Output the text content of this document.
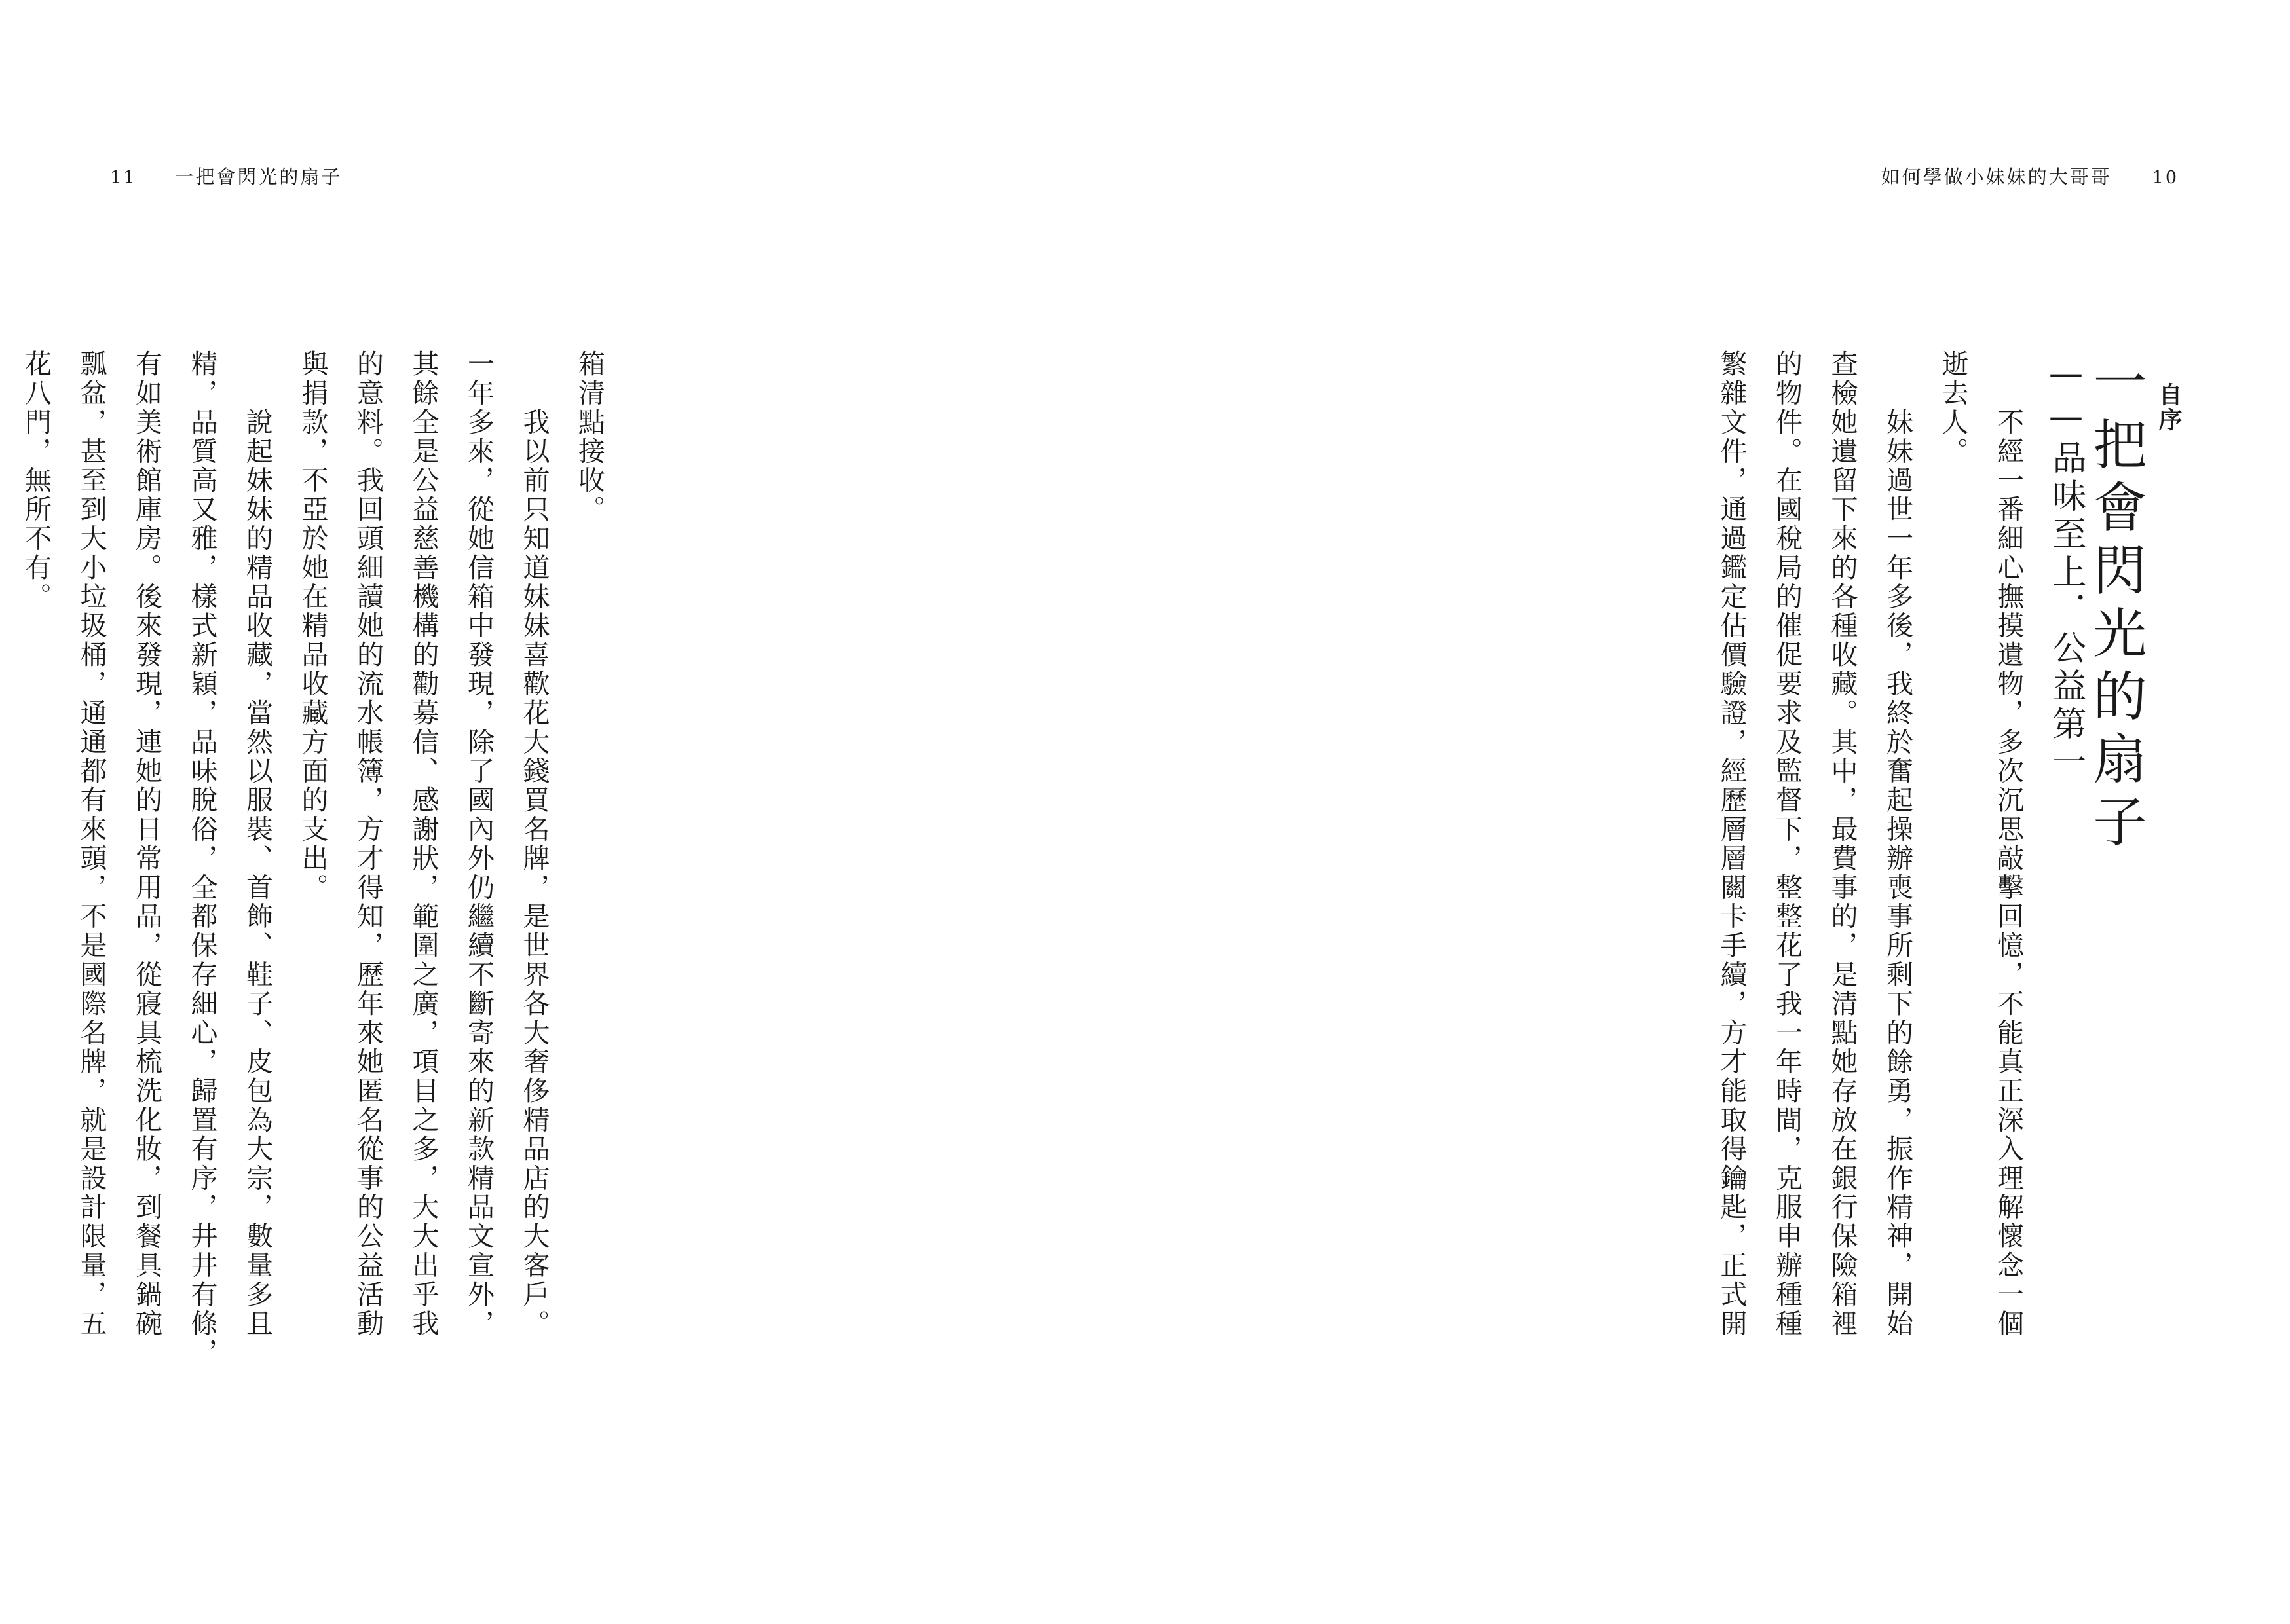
11 一把會閃光的扇子

箱清點接收。

　　我以前只知道妹妹喜歡花大錢買名牌，是世界各大奢侈精品店的大客戶。

一年多來，從她信箱中發現，除了國內外仍繼續不斷寄來的新款精品文宣外，

其餘全是公益慈善機構的勸募信、感謝狀，範圍之廣，項目之多，大大出乎我

的意料。我回頭細讀她的流水帳簿，方才得知，歷年來她匿名從事的公益活動

與捐款，不亞於她在精品收藏方面的支出。

　　說起妹妹的精品收藏，當然以服裝、首飾、鞋子、皮包為大宗，數量多且

精，品質高又雅，樣式新穎，品味脫俗，全都保存細心，歸置有序，井井有條，

有如美術館庫房。後來發現，連她的日常用品，從寢具梳洗化妝，到餐具鍋碗

瓢盆，甚至到大小垃圾桶，通通都有來頭，不是國際名牌，就是設計限量，五

花八門，無所不有。

如何學做小妹妹的大哥哥 10
自序
一把會閃光的扇子
——品味至上．公益第一

　　不經一番細心撫摸遺物，多次沉思敲擊回憶，不能真正深入理解懷念一個

逝去人。

　　妹妹過世一年多後，我終於奮起操辦喪事所剩下的餘勇，振作精神，開始

查檢她遺留下來的各種收藏。其中，最費事的，是清點她存放在銀行保險箱裡

的物件。在國稅局的催促要求及監督下，整整花了我一年時間，克服申辦種種

繁雜文件，通過鑑定估價驗證，經歷層層關卡手續，方才能取得鑰匙，正式開
